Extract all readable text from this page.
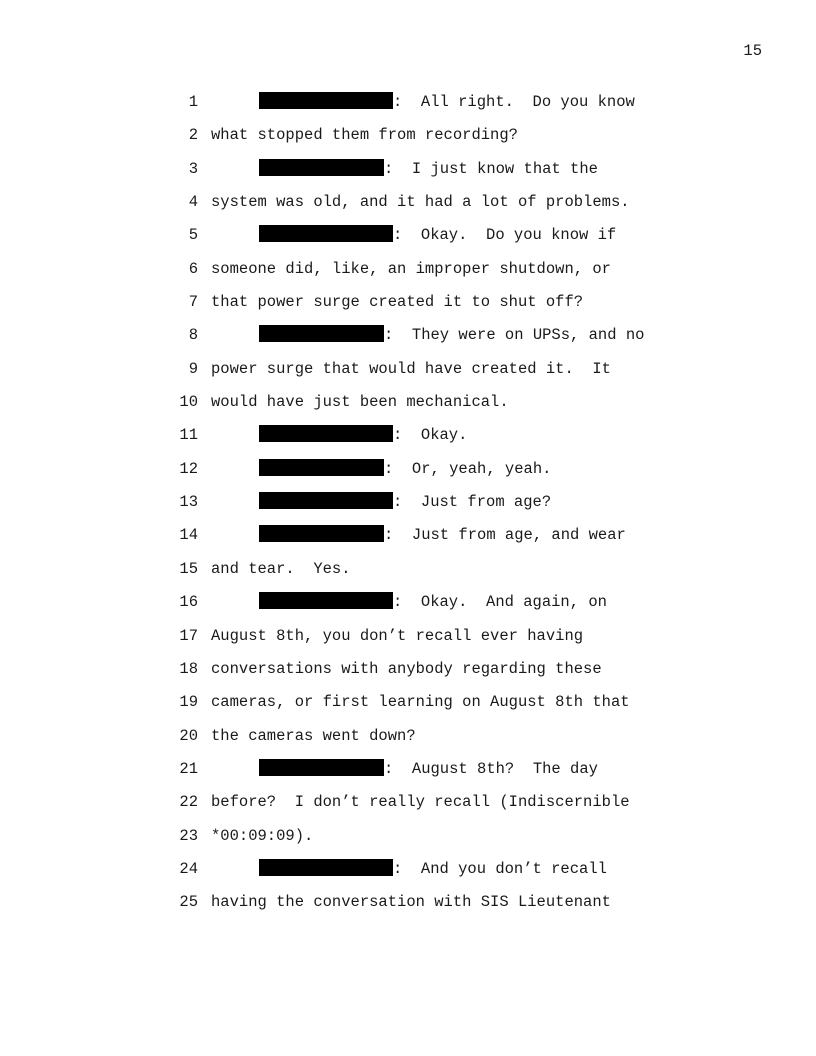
15
1	:  All right.  Do you know
2 what stopped them from recording?
3	:  I just know that the
4 system was old, and it had a lot of problems.
5	:  Okay.  Do you know if
6 someone did, like, an improper shutdown, or
7 that power surge created it to shut off?
8	:  They were on UPSs, and no
9 power surge that would have created it.  It
10 would have just been mechanical.
11	:  Okay.
12	:  Or, yeah, yeah.
13	:  Just from age?
14	:  Just from age, and wear
15 and tear.  Yes.
16	:  Okay.  And again, on
17 August 8th, you don’t recall ever having
18 conversations with anybody regarding these
19 cameras, or first learning on August 8th that
20 the cameras went down?
21	:  August 8th?  The day
22 before?  I don’t really recall (Indiscernible
23 *00:09:09).
24	:  And you don’t recall
25 having the conversation with SIS Lieutenant
